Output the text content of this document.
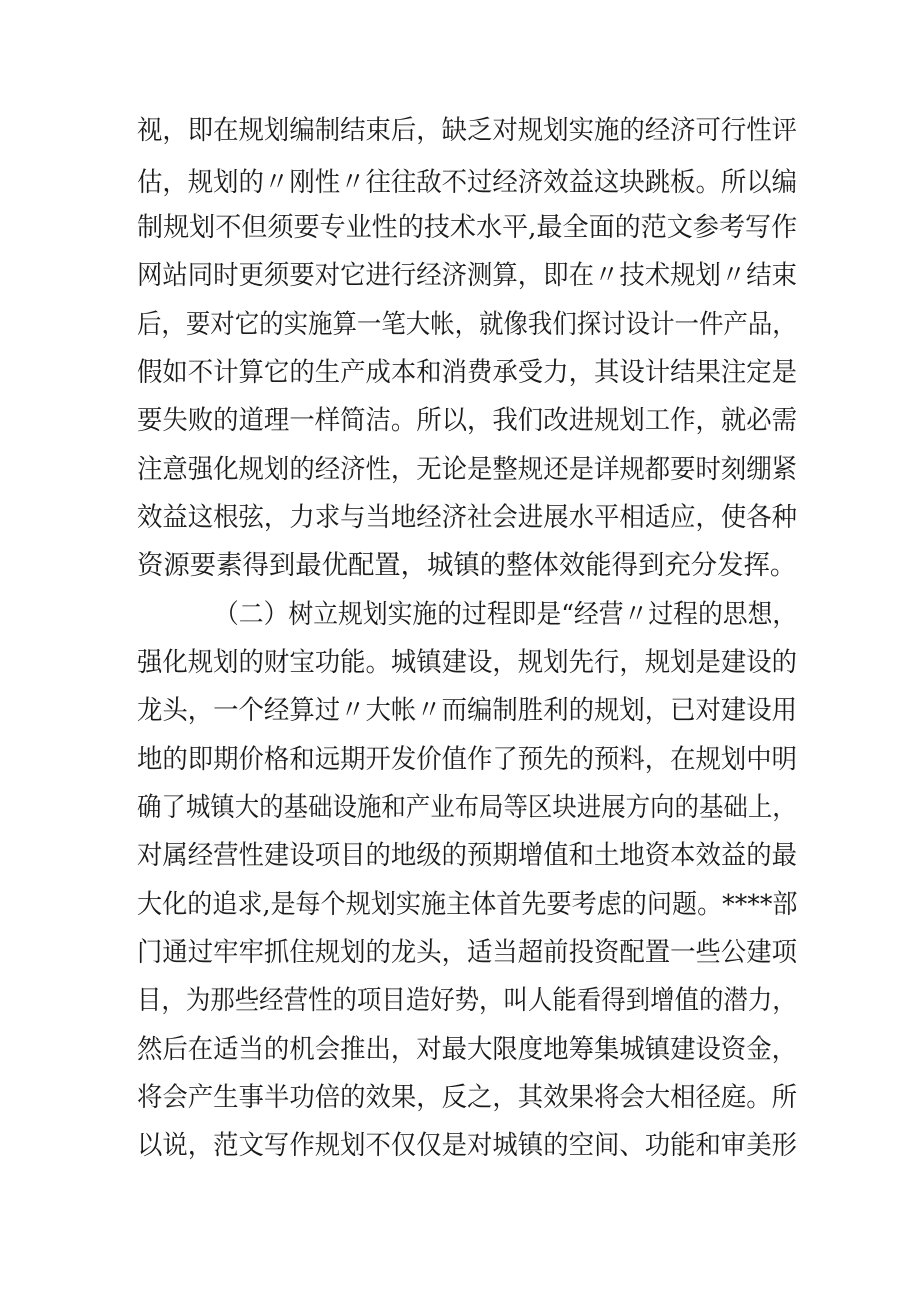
视，即在规划编制结束后，缺乏对规划实施的经济可行性评
估，规划的〃刚性〃往往敌不过经济效益这块跳板。所以编
制规划不但须要专业性的技术水平,最全面的范文参考写作
网站同时更须要对它进行经济测算，即在〃技术规划〃结束
后，要对它的实施算一笔大帐，就像我们探讨设计一件产品，
假如不计算它的生产成本和消费承受力，其设计结果注定是
要失败的道理一样简洁。所以，我们改进规划工作，就必需
注意强化规划的经济性，无论是整规还是详规都要时刻绷紧
效益这根弦，力求与当地经济社会进展水平相适应，使各种
资源要素得到最优配置，城镇的整体效能得到充分发挥。
（二）树立规划实施的过程即是“经营〃过程的思想，
强化规划的财宝功能。城镇建设，规划先行，规划是建设的
龙头，一个经算过〃大帐〃而编制胜利的规划，已对建设用
地的即期价格和远期开发价值作了预先的预料，在规划中明
确了城镇大的基础设施和产业布局等区块进展方向的基础上，
对属经营性建设项目的地级的预期增值和土地资本效益的最
大化的追求,是每个规划实施主体首先要考虑的问题。****部
门通过牢牢抓住规划的龙头，适当超前投资配置一些公建项
目，为那些经营性的项目造好势，叫人能看得到增值的潜力，
然后在适当的机会推出，对最大限度地筹集城镇建设资金，
将会产生事半功倍的效果，反之，其效果将会大相径庭。所
以说，范文写作规划不仅仅是对城镇的空间、功能和审美形
